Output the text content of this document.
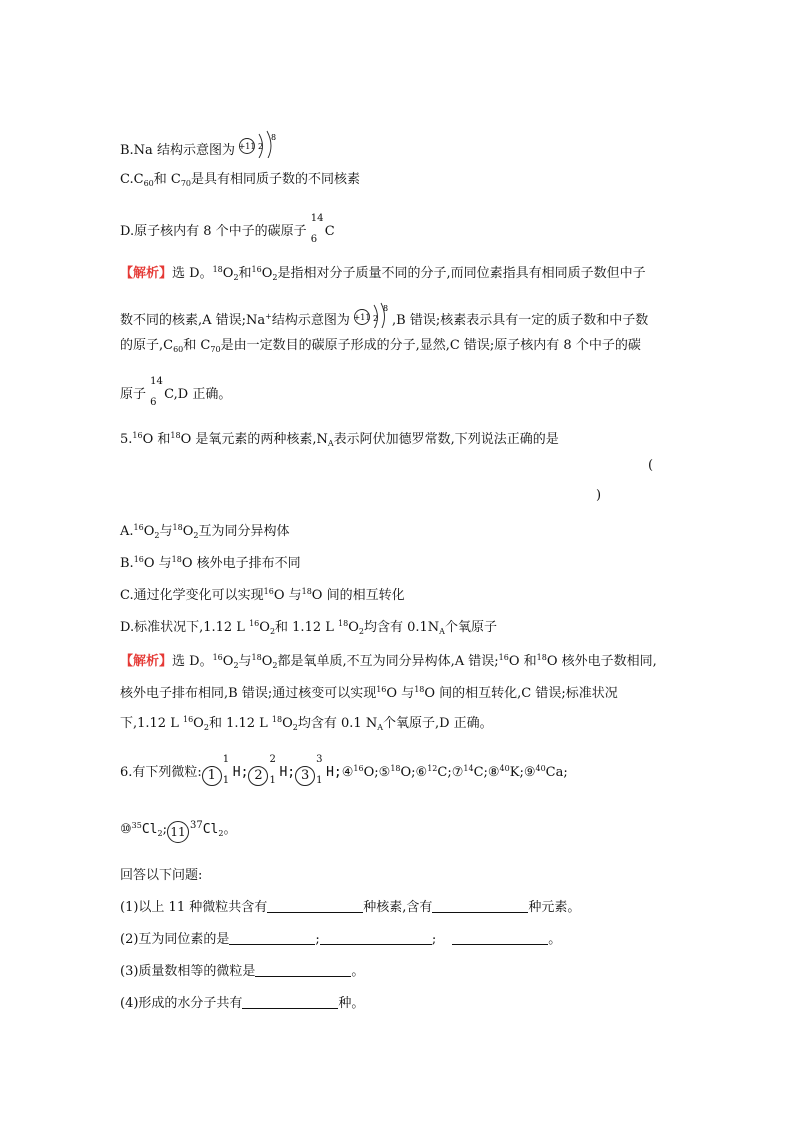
B.Na 结构示意图为 +11 2
8
$C.C_{60}$和 $C_{70}$是具有相同质子数的不同核素
D.原子核内有 8 个中子的碳原子
14
6
C
【解析】选 D。$^{18}O_2$和$^{16}O_2$是指相对分子质量不同的分子,而同位素指具有相同质子数但中子
数不同的核素,A 错误;Na+结构示意图为 +11 2
8
,B 错误;核素表示具有一定的质子数和中子数
的原子$,C_{60}$和 $C_{70}$是由一定数目的碳原子形成的分子,显然,C 错误;原子核内有 8 个中子的碳
原子
14
6
C,D 正确。
5.16O 和$^{18}$O 是氧元素的两种核素$,N_A$表示阿伏加德罗常数,下列说法正确的是
(
)
$A.^{16}O_2$与$^{18}O_2$互为同分异构体
B.$^{16}$O 与$^{18}$O 核外电子排布不同
C.通过化学变化可以实现$^{16}$O 与$^{18}$O 间的相互转化
D.标准状况下,1.12 L $^{16}O_2$和 1.12 L $^{18}O_2$均含有 $0.1N_A$个氧原子
【解析】选 D。$^{16}O_2$与$^{18}O_2$都是氧单质,不互为同分异构体,A 错误;$^{16}$O 和$^{18}$O 核外电子数相同,
核外电子排布相同,B 错误;通过核变可以实现$^{16}$O 与$^{18}$O 间的相互转化,C 错误;标准状况
下,1.12 L $^{16}O_2$和 1.12 L $^{18}O_2$均含有 0.1 $N_A$个氧原子,D 正确。
6.有下列微粒: 1
1
1
H; 2
2
1
H; 3
3
1
H;④$^{16}$O;⑤$^{18}$O;⑥$^{12}$C;⑦$^{14}$C;⑧$^{40}$K;⑨$^{40}$Ca;
$⑩^{35}Cl_2$; 11 $^{37}Cl_2$。
回答以下问题:
(1)以上 11 种微粒共含有	种核素,含有	种元素。
(2)互为同位素的是	;	;	。
(3)质量数相等的微粒是	。
(4)形成的水分子共有	种。
